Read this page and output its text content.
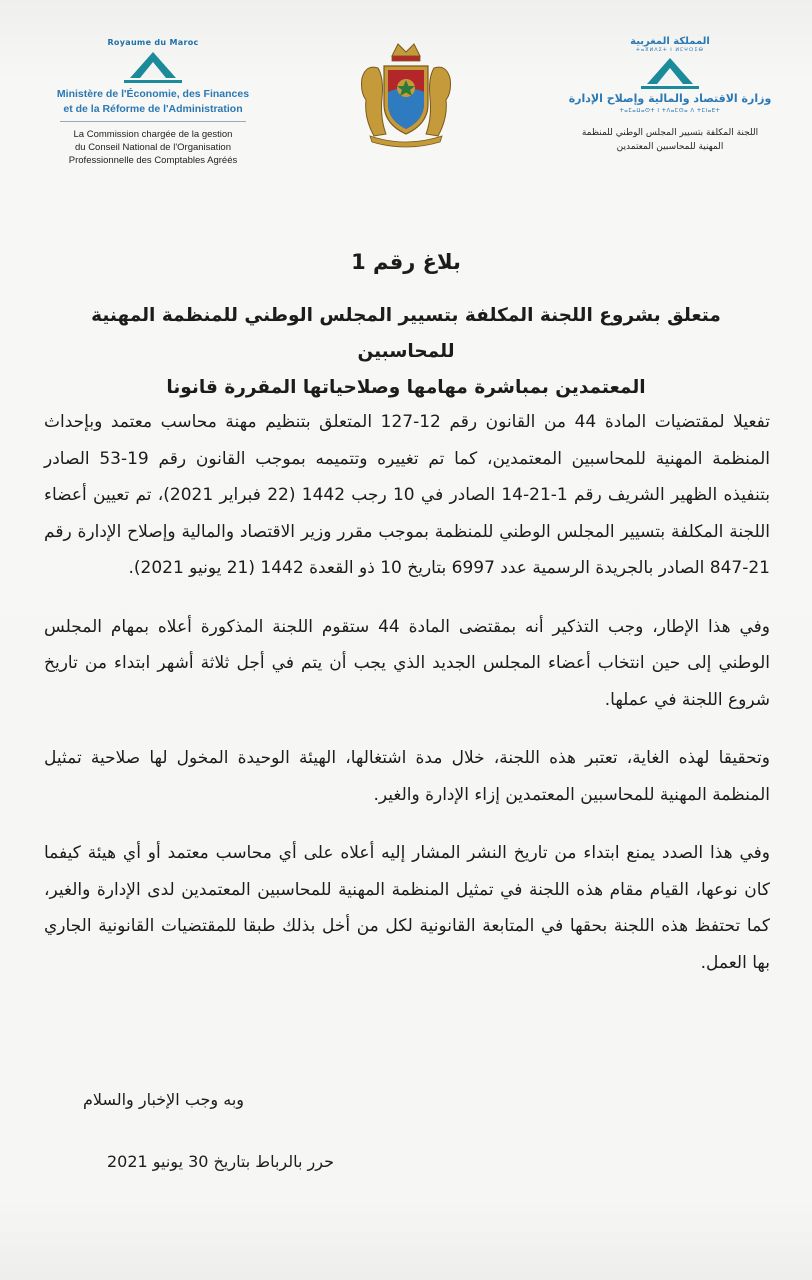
Royaume du Maroc
Ministère de l'Économie, des Finances
et de la Réforme de l'Administration
La Commission chargée de la gestion
du Conseil National de l'Organisation
Professionnelle des Comptables Agréés
المملكة المغربية
ⵜⴰⴳⵍⴷⵉⵜ ⵏ ⵍⵎⵖⵔⵉⴱ
وزارة الاقتصاد والمالية وإصلاح الإدارة
ⵜⴰⵎⴰⵡⴰⵙⵜ ⵏ ⵜⴷⴰⵎⵙⴰ ⴷ ⵜⵎⵏⴰⴹⵜ
اللجنة المكلفة بتسيير المجلس الوطني للمنظمة
المهنية للمحاسبين المعتمدين
بلاغ رقم 1
متعلق بشروع اللجنة المكلفة بتسيير المجلس الوطني للمنظمة المهنية للمحاسبين
المعتمدين بمباشرة مهامها وصلاحياتها المقررة قانونا

تفعيلا لمقتضيات المادة 44 من القانون رقم 12-127 المتعلق بتنظيم مهنة محاسب معتمد وبإحداث المنظمة المهنية للمحاسبين المعتمدين، كما تم تغييره وتتميمه بموجب القانون رقم 19-53 الصادر بتنفيذه الظهير الشريف رقم 1-21-14 الصادر في 10 رجب 1442 (22 فبراير 2021)، تم تعيين أعضاء اللجنة المكلفة بتسيير المجلس الوطني للمنظمة بموجب مقرر وزير الاقتصاد والمالية وإصلاح الإدارة رقم 21-847 الصادر بالجريدة الرسمية عدد 6997 بتاريخ 10 ذو القعدة 1442 (21 يونيو 2021).

وفي هذا الإطار، وجب التذكير أنه بمقتضى المادة 44 ستقوم اللجنة المذكورة أعلاه بمهام المجلس الوطني إلى حين انتخاب أعضاء المجلس الجديد الذي يجب أن يتم في أجل ثلاثة أشهر ابتداء من تاريخ شروع اللجنة في عملها.

وتحقيقا لهذه الغاية، تعتبر هذه اللجنة، خلال مدة اشتغالها، الهيئة الوحيدة المخول لها صلاحية تمثيل المنظمة المهنية للمحاسبين المعتمدين إزاء الإدارة والغير.

وفي هذا الصدد يمنع ابتداء من تاريخ النشر المشار إليه أعلاه على أي محاسب معتمد أو أي هيئة كيفما كان نوعها، القيام مقام هذه اللجنة في تمثيل المنظمة المهنية للمحاسبين المعتمدين لدى الإدارة والغير، كما تحتفظ هذه اللجنة بحقها في المتابعة القانونية لكل من أخل بذلك طبقا للمقتضيات القانونية الجاري بها العمل.

وبه وجب الإخبار والسلام
حرر بالرباط بتاريخ 30 يونيو 2021
